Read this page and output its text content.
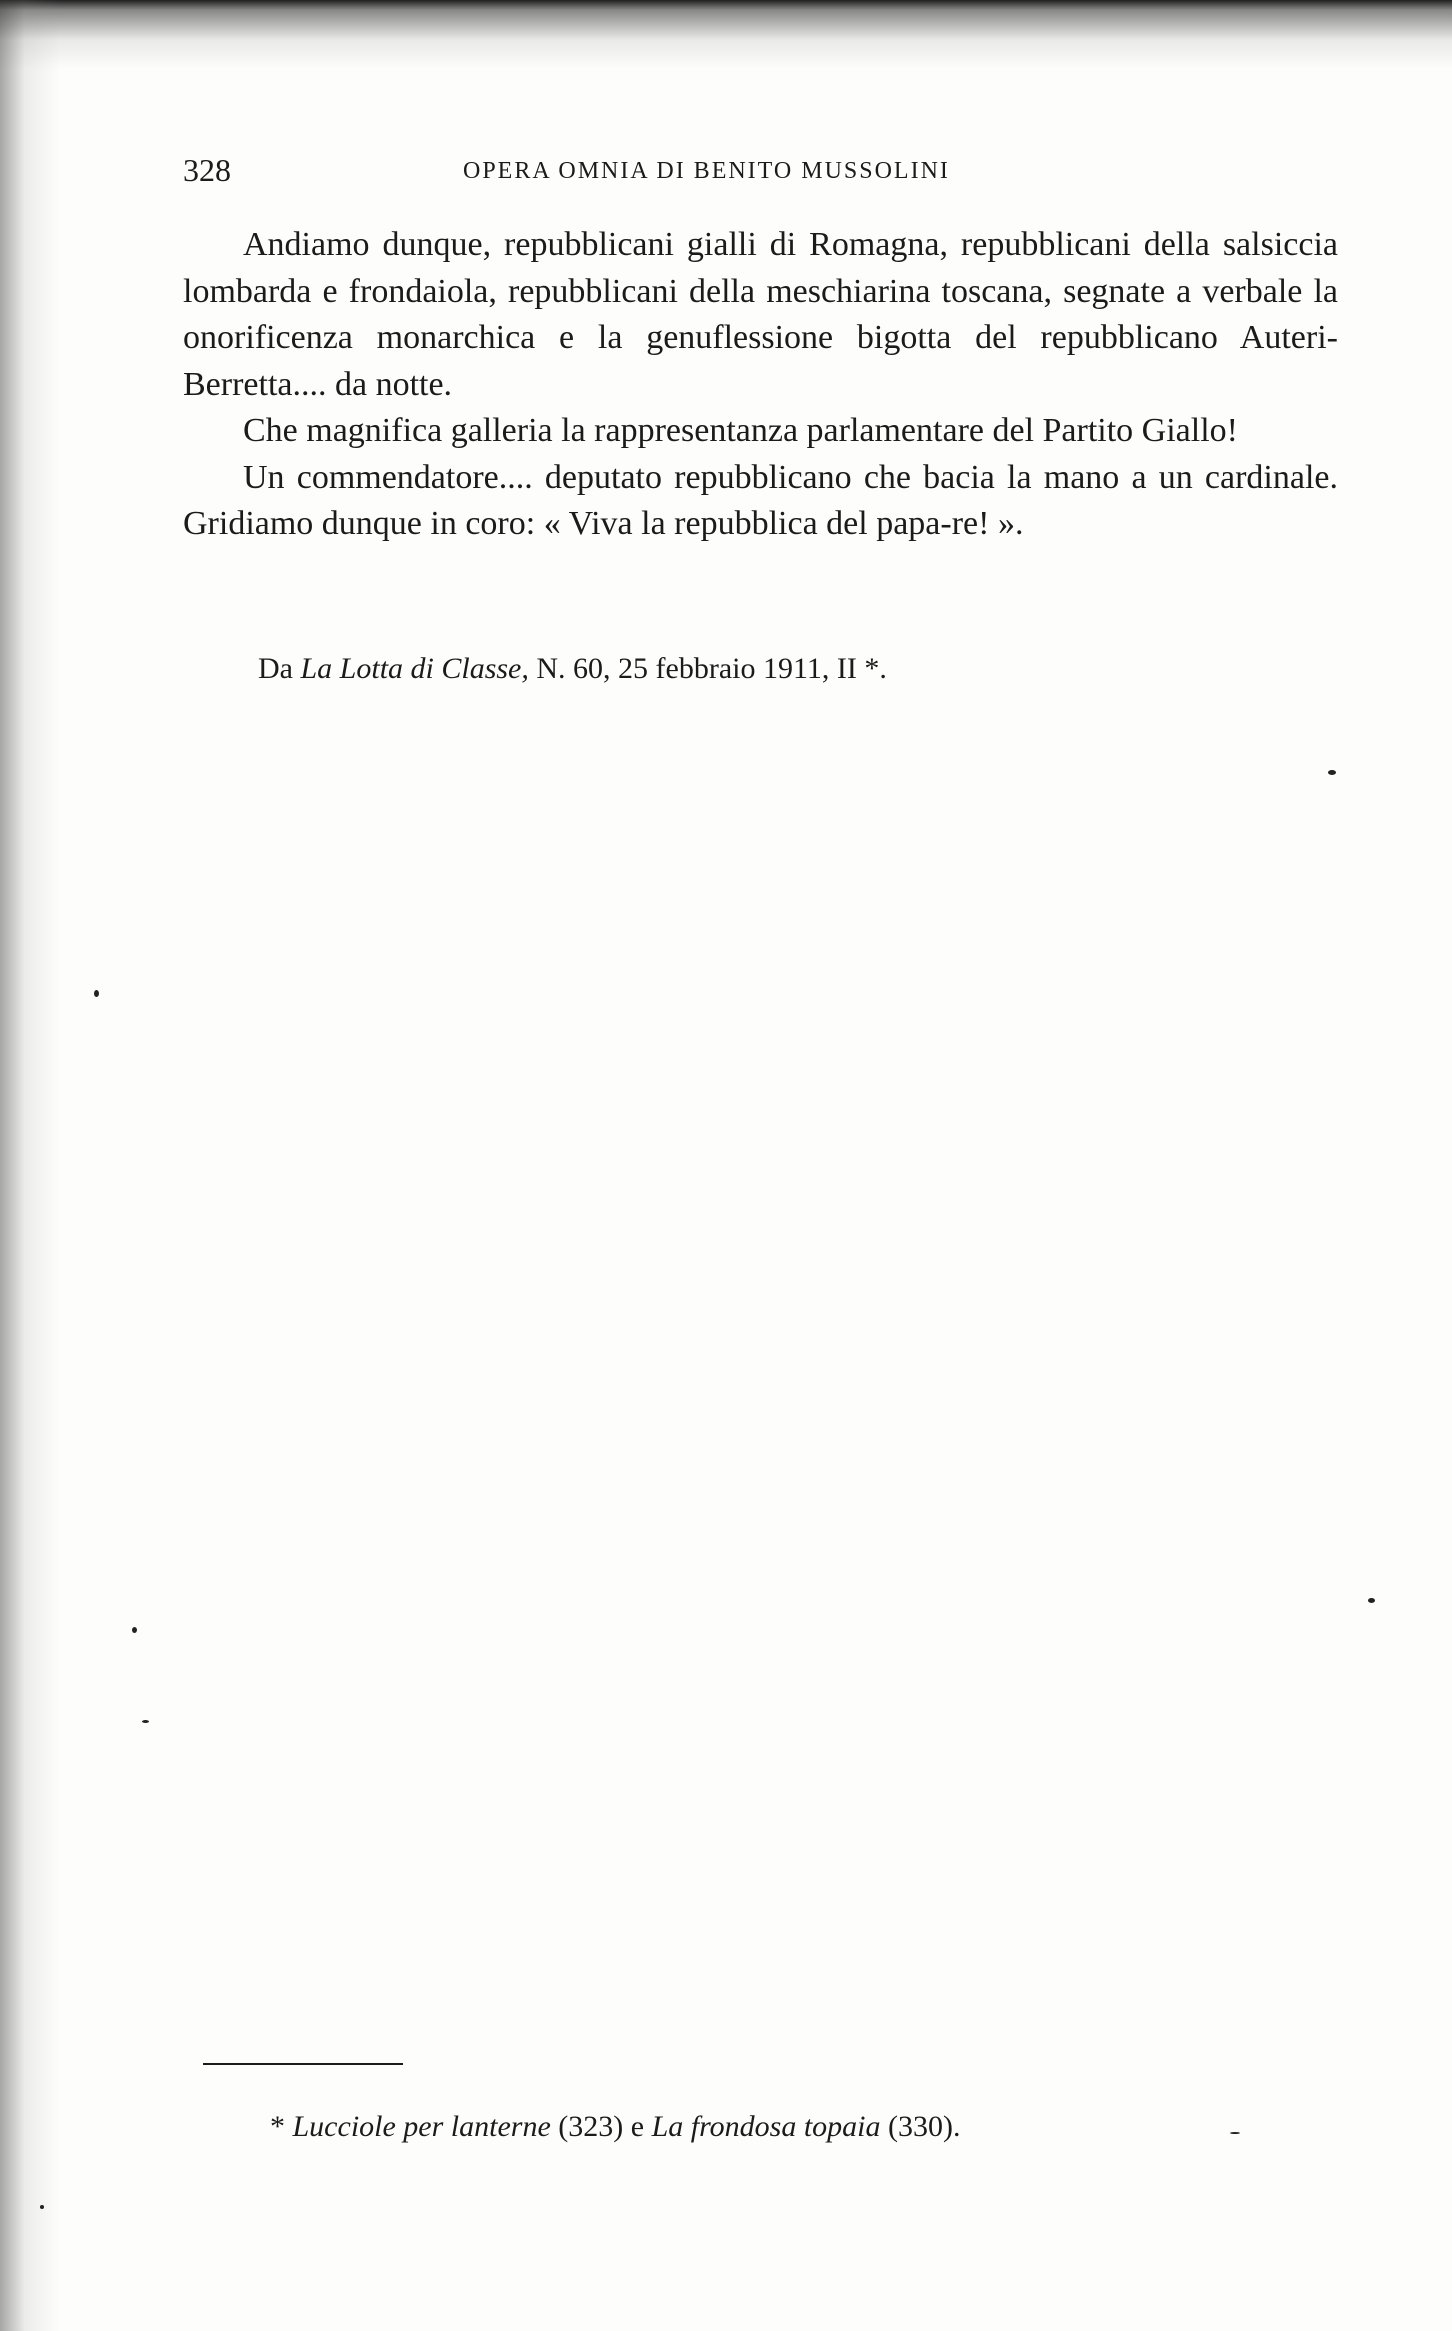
328	OPERA OMNIA DI BENITO MUSSOLINI

Andiamo dunque, repubblicani gialli di Romagna, repubblicani della salsiccia lombarda e frondaiola, repubblicani della meschiarina toscana, segnate a verbale la onorificenza monarchica e la genuflessione bigotta del repubblicano Auteri-Berretta.... da notte.

Che magnifica galleria la rappresentanza parlamentare del Partito Giallo!

Un commendatore.... deputato repubblicano che bacia la mano a un cardinale. Gridiamo dunque in coro: « Viva la repubblica del papa-re! ».

Da La Lotta di Classe, N. 60, 25 febbraio 1911, II *.
* Lucciole per lanterne (323) e La frondosa topaia (330).
